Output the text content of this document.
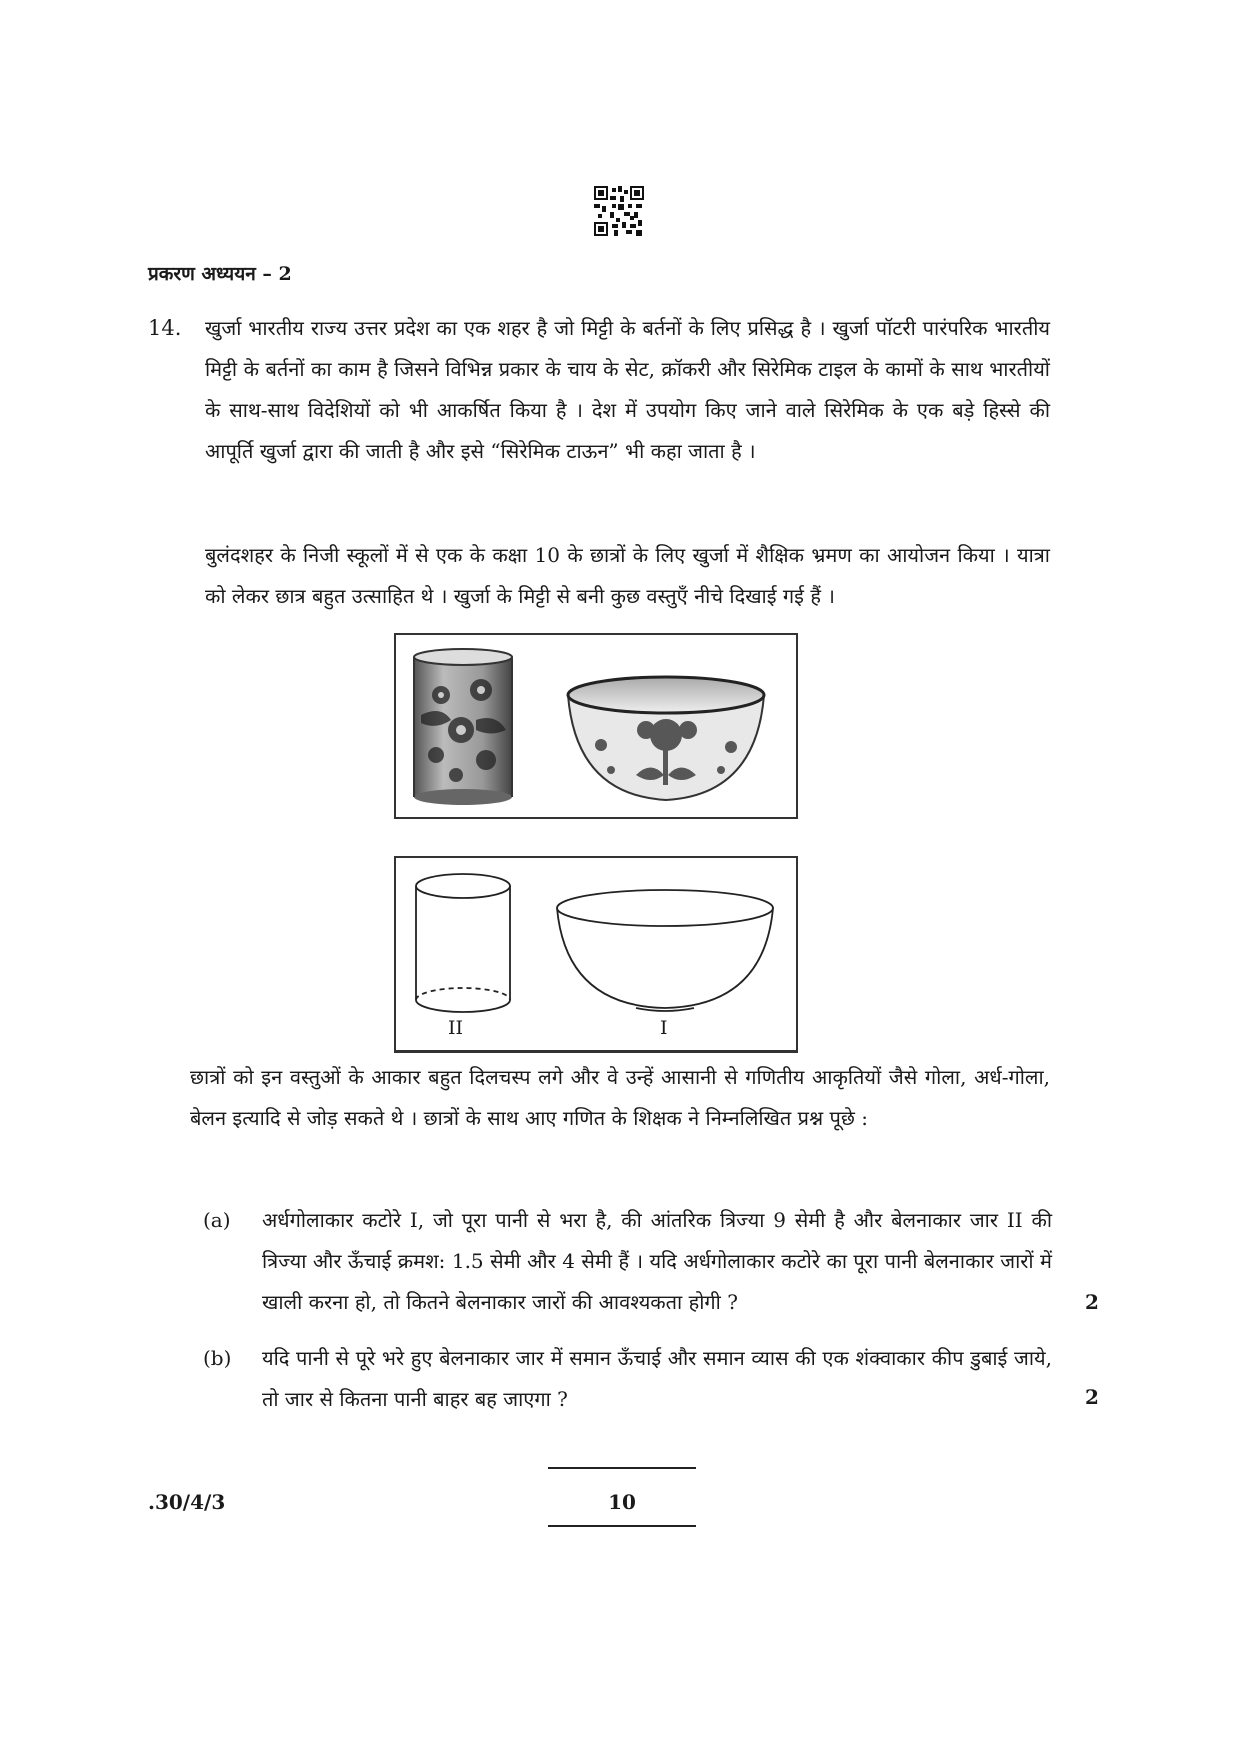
प्रकरण अध्ययन – 2
14. खुर्जा भारतीय राज्य उत्तर प्रदेश का एक शहर है जो मिट्टी के बर्तनों के लिए प्रसिद्ध है । खुर्जा पॉटरी पारंपरिक भारतीय मिट्टी के बर्तनों का काम है जिसने विभिन्न प्रकार के चाय के सेट, क्रॉकरी और सिरेमिक टाइल के कामों के साथ भारतीयों के साथ-साथ विदेशियों को भी आकर्षित किया है । देश में उपयोग किए जाने वाले सिरेमिक के एक बड़े हिस्से की आपूर्ति खुर्जा द्वारा की जाती है और इसे “सिरेमिक टाऊन” भी कहा जाता है ।
बुलंदशहर के निजी स्कूलों में से एक के कक्षा 10 के छात्रों के लिए खुर्जा में शैक्षिक भ्रमण का आयोजन किया । यात्रा को लेकर छात्र बहुत उत्साहित थे । खुर्जा के मिट्टी से बनी कुछ वस्तुएँ नीचे दिखाई गई हैं ।
II	I
छात्रों को इन वस्तुओं के आकार बहुत दिलचस्प लगे और वे उन्हें आसानी से गणितीय आकृतियों जैसे गोला, अर्ध-गोला, बेलन इत्यादि से जोड़ सकते थे । छात्रों के साथ आए गणित के शिक्षक ने निम्नलिखित प्रश्न पूछे :
(a) अर्धगोलाकार कटोरे I, जो पूरा पानी से भरा है, की आंतरिक त्रिज्या 9 सेमी है और बेलनाकार जार II की त्रिज्या और ऊँचाई क्रमश: 1.5 सेमी और 4 सेमी हैं । यदि अर्धगोलाकार कटोरे का पूरा पानी बेलनाकार जारों में खाली करना हो, तो कितने बेलनाकार जारों की आवश्यकता होगी ?	2
(b) यदि पानी से पूरे भरे हुए बेलनाकार जार में समान ऊँचाई और समान व्यास की एक शंक्वाकार कीप डुबाई जाये, तो जार से कितना पानी बाहर बह जाएगा ?	2
.30/4/3	10
